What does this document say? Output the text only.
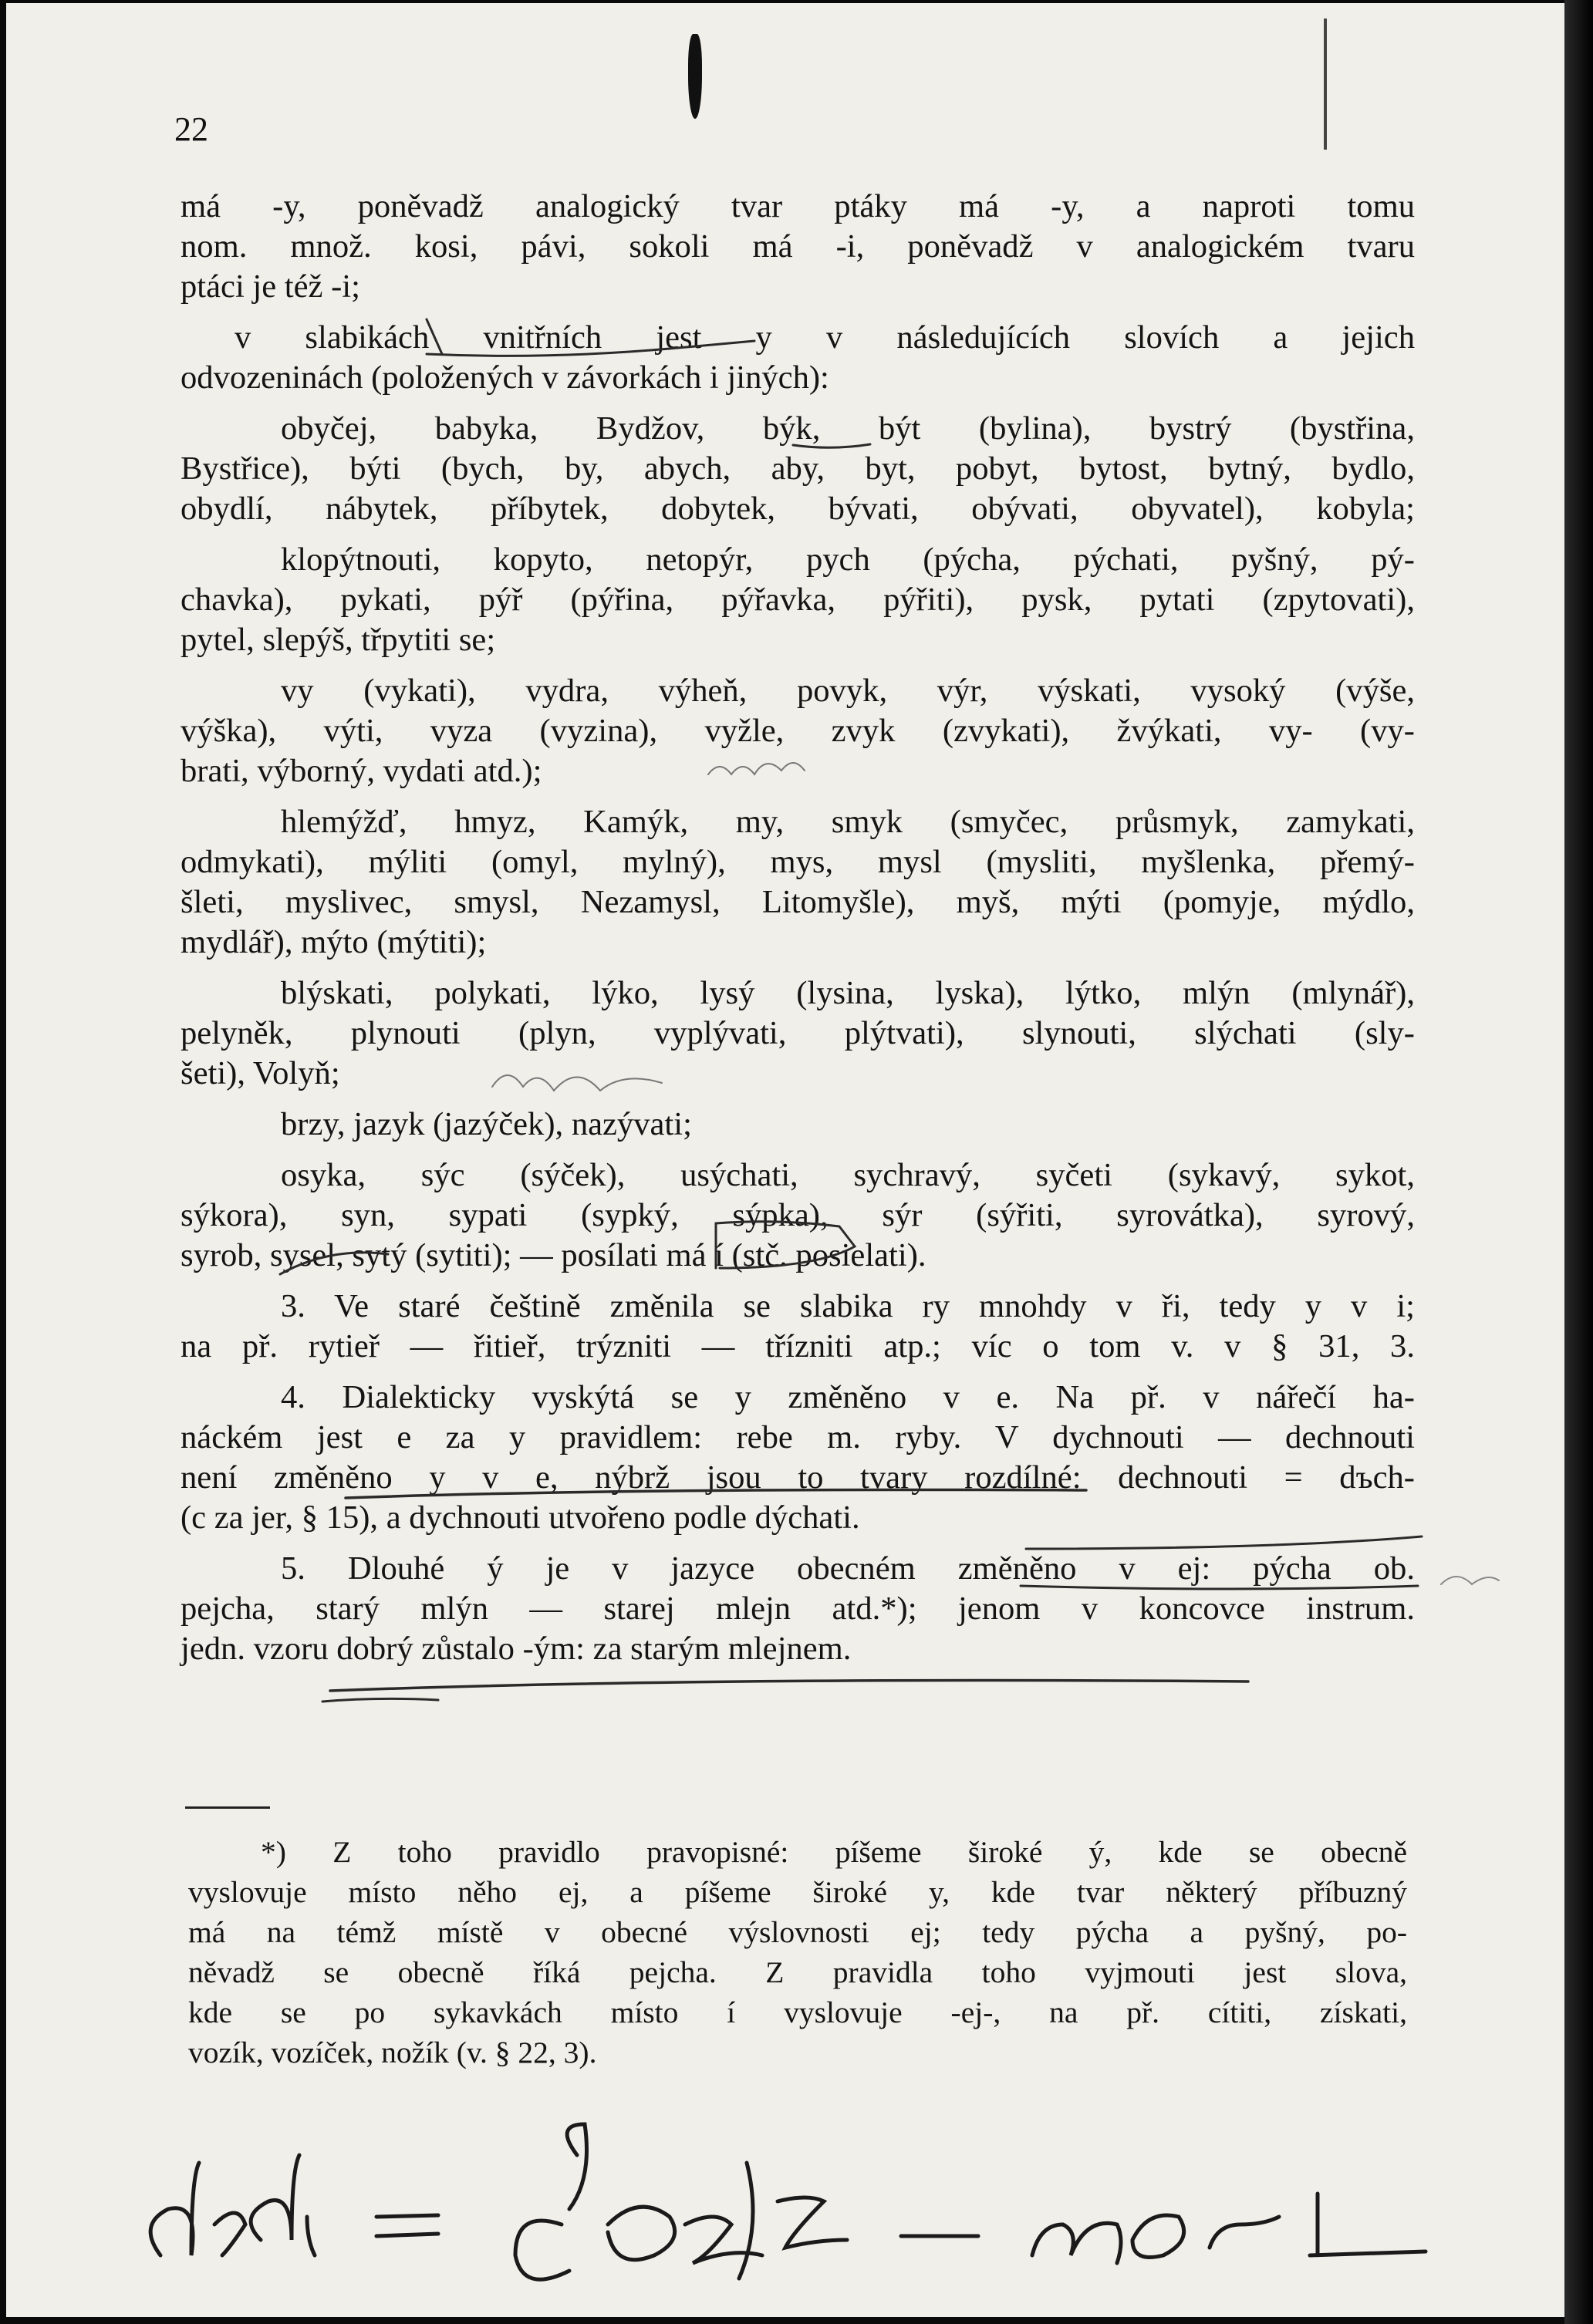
22
má -y, poněvadž analogický tvar ptáky má -y, a naproti tomu
nom. množ. kosi, pávi, sokoli má -i, poněvadž v analogickém tvaru
ptáci je též -i;
v slabikách vnitřních jest y v následujících slovích a jejich
odvozeninách (položených v závorkách i jiných):
obyčej, babyka, Bydžov, býk, být (bylina), bystrý (bystřina,
Bystřice), býti (bych, by, abych, aby, byt, pobyt, bytost, bytný, bydlo,
obydlí, nábytek, příbytek, dobytek, bývati, obývati, obyvatel), kobyla;
klopýtnouti, kopyto, netopýr, pych (pýcha, pýchati, pyšný, pý-
chavka), pykati, pýř (pýřina, pýřavka, pýřiti), pysk, pytati (zpytovati),
pytel, slepýš, třpytiti se;
vy (vykati), vydra, výheň, povyk, výr, výskati, vysoký (výše,
výška), výti, vyza (vyzina), vyžle, zvyk (zvykati), žvýkati, vy- (vy-
brati, výborný, vydati atd.);
hlemýžď, hmyz, Kamýk, my, smyk (smyčec, průsmyk, zamykati,
odmykati), mýliti (omyl, mylný), mys, mysl (mysliti, myšlenka, přemý-
šleti, myslivec, smysl, Nezamysl, Litomyšle), myš, mýti (pomyje, mýdlo,
mydlář), mýto (mýtiti);
blýskati, polykati, lýko, lysý (lysina, lyska), lýtko, mlýn (mlynář),
pelyněk, plynouti (plyn, vyplývati, plýtvati), slynouti, slýchati (sly-
šeti), Volyň;
brzy, jazyk (jazýček), nazývati;
osyka, sýc (sýček), usýchati, sychravý, syčeti (sykavý, sykot,
sýkora), syn, sypati (sypký, sýpka), sýr (sýřiti, syrovátka), syrový,
syrob, sysel, sytý (sytiti); — posílati má í (stč. posielati).
3. Ve staré češtině změnila se slabika ry mnohdy v ři, tedy y v i;
na př. rytieř — řitieř, trýzniti — třízniti atp.; víc o tom v. v § 31, 3.
4. Dialekticky vyskýtá se y změněno v e. Na př. v nářečí ha-
náckém jest e za y pravidlem: rebe m. ryby. V dychnouti — dechnouti
není změněno y v e, nýbrž jsou to tvary rozdílné: dechnouti = dъch-
(c za jer, § 15), a dychnouti utvořeno podle dýchati.
5. Dlouhé ý je v jazyce obecném změněno v ej: pýcha ob.
pejcha, starý mlýn — starej mlejn atd.*); jenom v koncovce instrum.
jedn. vzoru dobrý zůstalo -ým: za starým mlejnem.
*) Z toho pravidlo pravopisné: píšeme široké ý, kde se obecně
vyslovuje místo něho ej, a píšeme široké y, kde tvar některý příbuzný
má na témž místě v obecné výslovnosti ej; tedy pýcha a pyšný, po-
něvadž se obecně říká pejcha. Z pravidla toho vyjmouti jest slova,
kde se po sykavkách místo í vyslovuje -ej-, na př. cítiti, získati,
vozík, vozíček, nožík (v. § 22, 3).
